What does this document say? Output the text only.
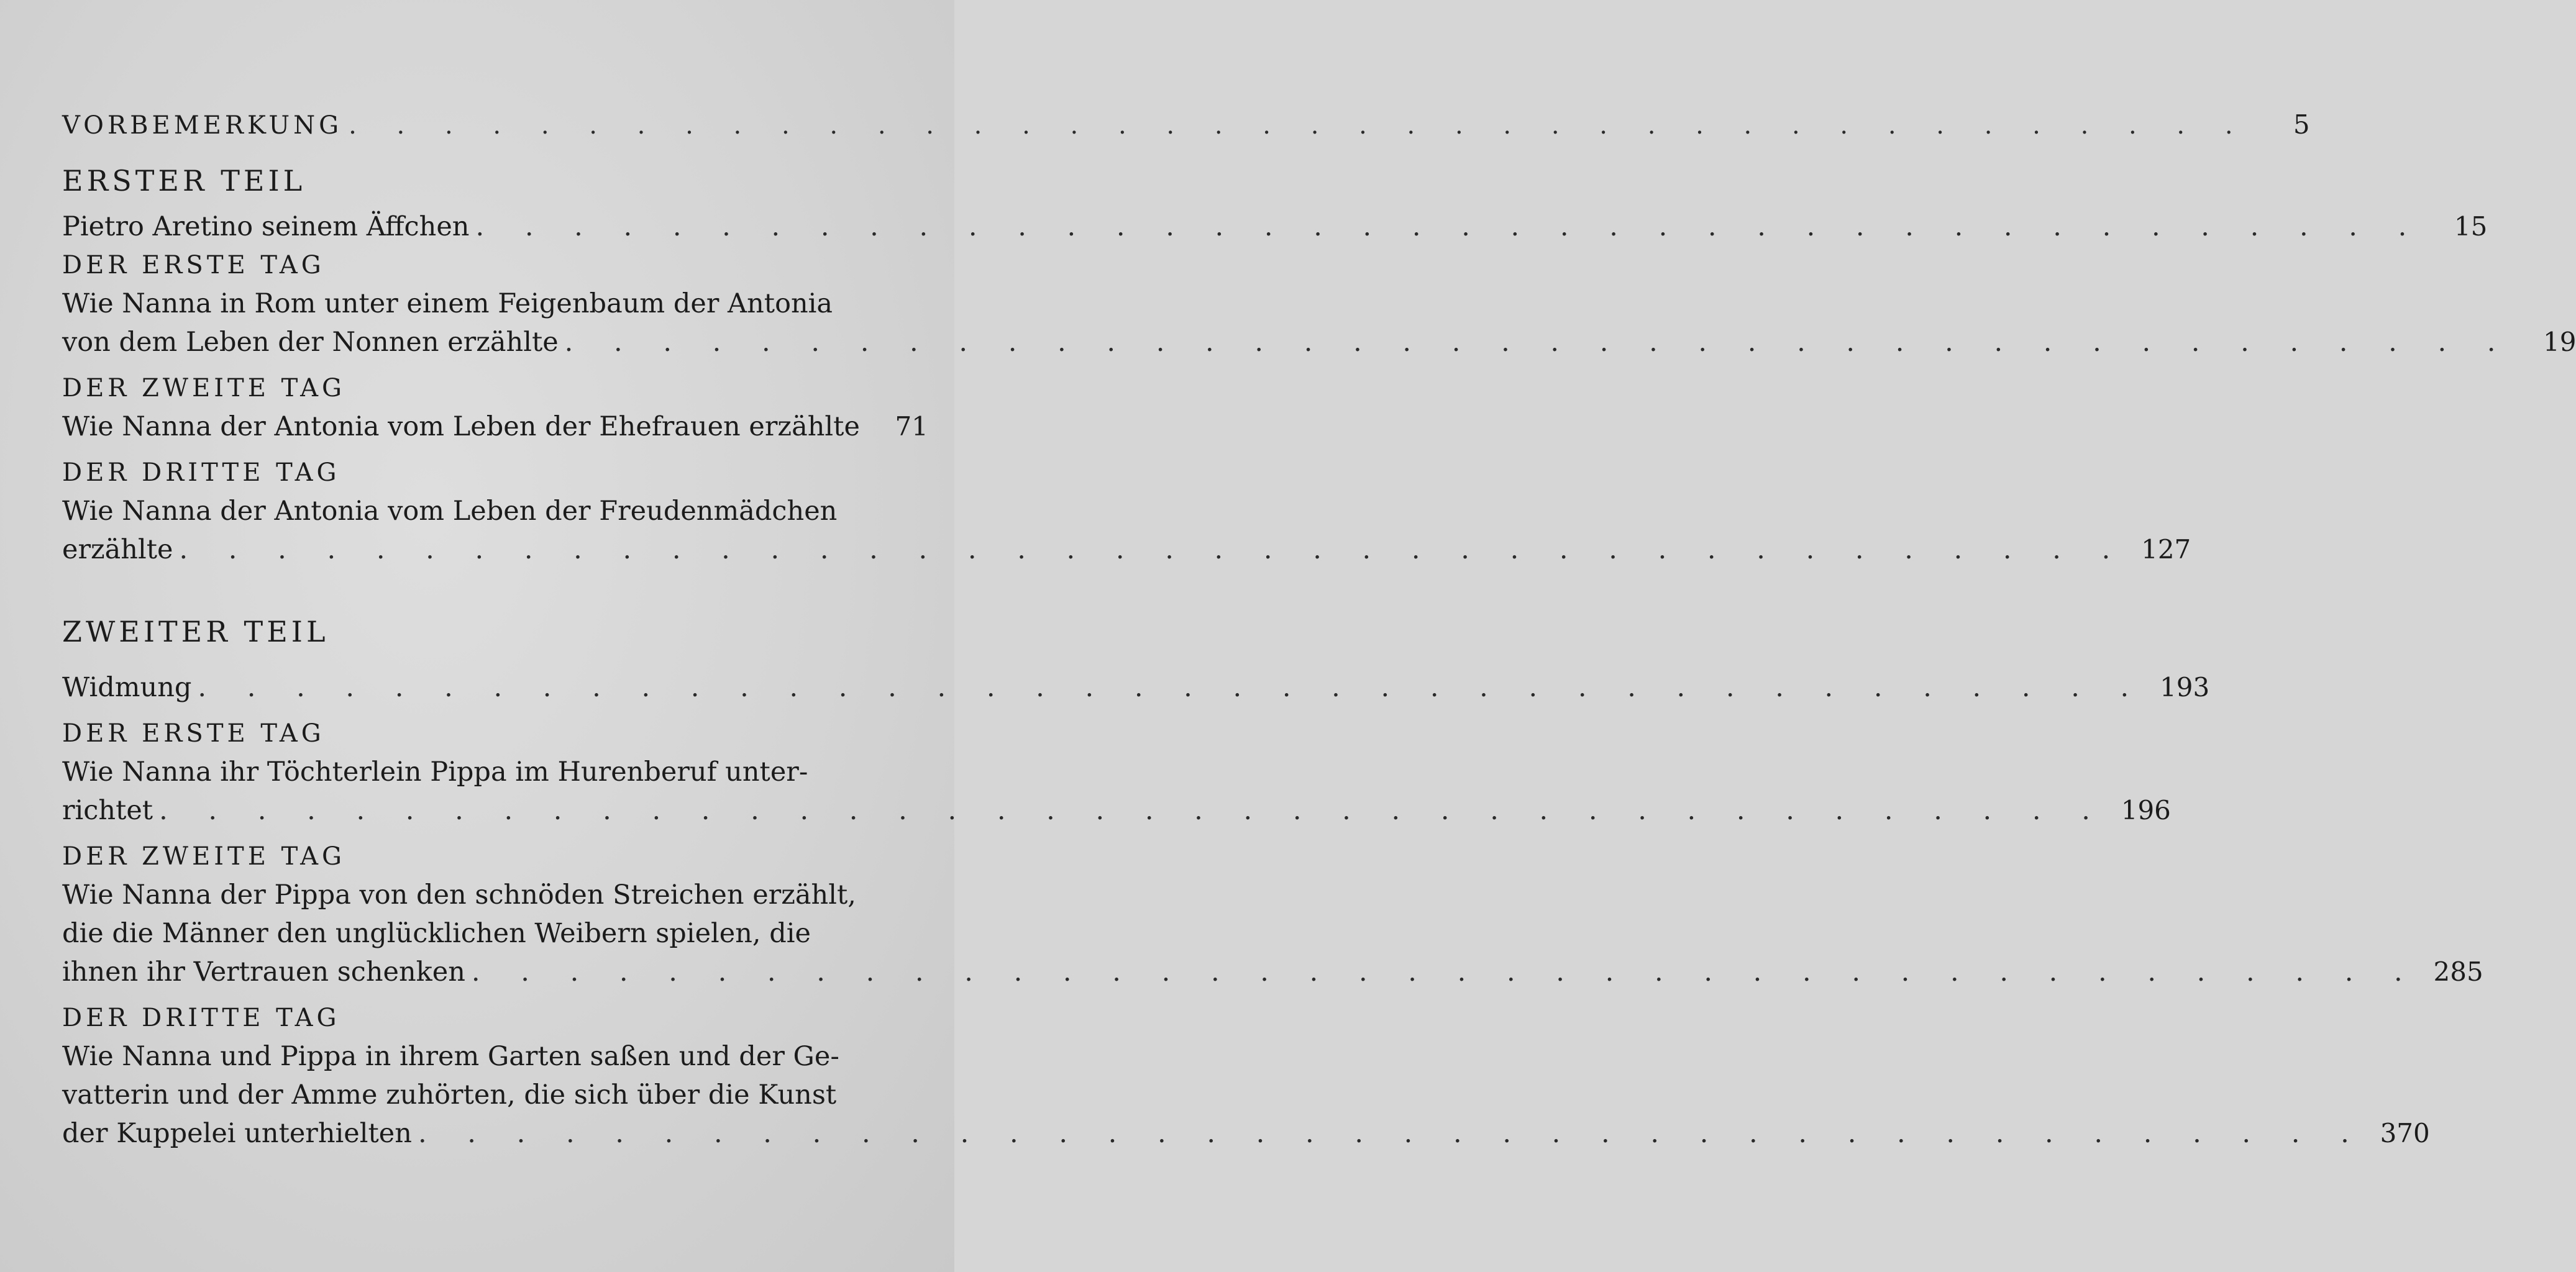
VORBEMERKUNG . . . . . . . . . . . . . . . . . . . . . . . . . . . . . . . . . . . . . . . .	5
ERSTER TEIL
Pietro Aretino seinem Äffchen . . . . . . . . . . . . . . . . . . . . . . . . . . . . . . . . . . . . . . . .	15
DER ERSTE TAG
Wie Nanna in Rom unter einem Feigenbaum der Antonia
von dem Leben der Nonnen erzählte . . . . . . . . . . . . . . . . . . . . . . . . . . . . . . . . . . . . . . . .	19
DER ZWEITE TAG
Wie Nanna der Antonia vom Leben der Ehefrauen erzählte	71
DER DRITTE TAG
Wie Nanna der Antonia vom Leben der Freudenmädchen
erzählte . . . . . . . . . . . . . . . . . . . . . . . . . . . . . . . . . . . . . . . . 127
ZWEITER TEIL
Widmung . . . . . . . . . . . . . . . . . . . . . . . . . . . . . . . . . . . . . . . . 193
DER ERSTE TAG
Wie Nanna ihr Töchterlein Pippa im Hurenberuf unter-
richtet . . . . . . . . . . . . . . . . . . . . . . . . . . . . . . . . . . . . . . . . 196
DER ZWEITE TAG
Wie Nanna der Pippa von den schnöden Streichen erzählt,
die die Männer den unglücklichen Weibern spielen, die
ihnen ihr Vertrauen schenken . . . . . . . . . . . . . . . . . . . . . . . . . . . . . . . . . . . . . . . . 285
DER DRITTE TAG
Wie Nanna und Pippa in ihrem Garten saßen und der Ge-
vatterin und der Amme zuhörten, die sich über die Kunst
der Kuppelei unterhielten . . . . . . . . . . . . . . . . . . . . . . . . . . . . . . . . . . . . . . . . 370
